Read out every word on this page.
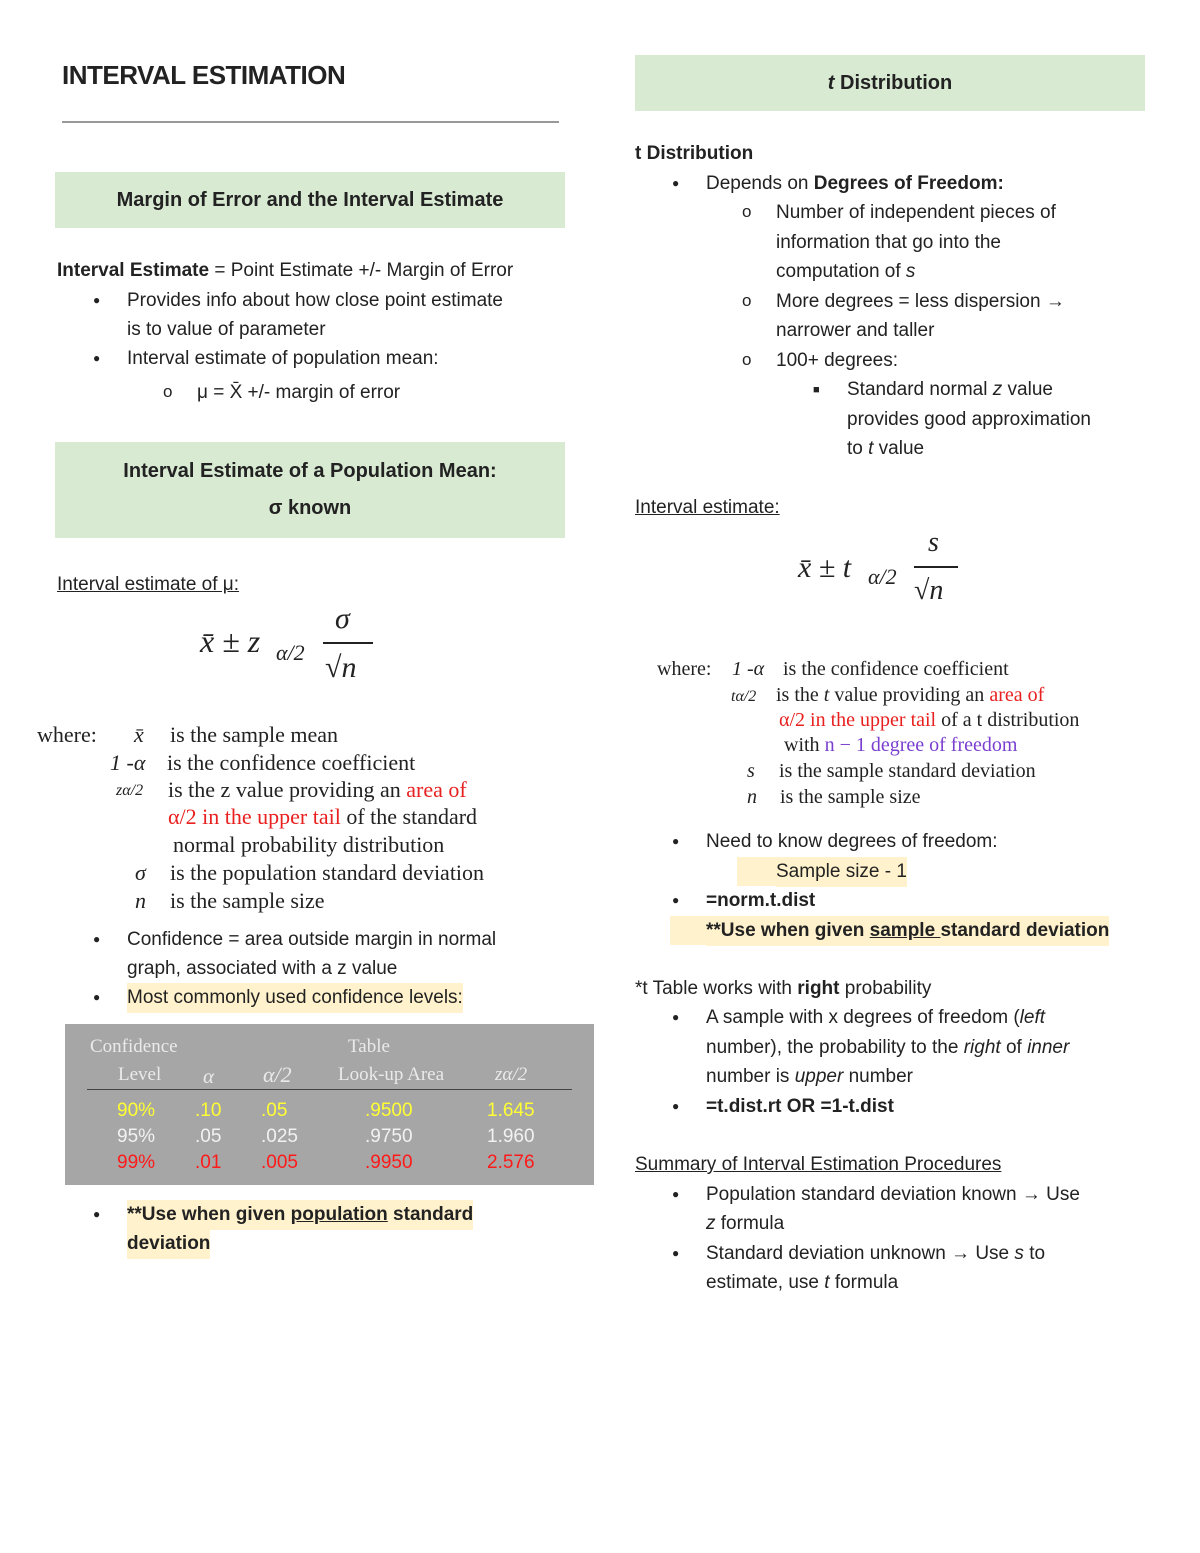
INTERVAL ESTIMATION
Margin of Error and the Interval Estimate
Interval Estimate = Point Estimate +/- Margin of Error
● Provides info about how close point estimate
is to value of parameter
● Interval estimate of population mean:
o μ = X̄ +/- margin of error
Interval Estimate of a Population Mean:
σ known
Interval estimate of μ:
x̄ ± z α/2
σ
√n
where: x̄ is the sample mean
1 -α is the confidence coefficient
zα/2 is the z value providing an area of
α/2 in the upper tail of the standard
normal probability distribution
σ is the population standard deviation
n is the sample size
● Confidence = area outside margin in normal
graph, associated with a z value
● Most commonly used confidence levels:
Confidence
Level α α/2
Table
Look-up Area	zα/2
90% .10 .05	.9500	1.645
95% .05 .025	.9750	1.960
99% .01 .005	.9950	2.576
● **Use when given population standard
deviation
t Distribution
t Distribution
● Depends on Degrees of Freedom:
o Number of independent pieces of
information that go into the
computation of s
o More degrees = less dispersion →
narrower and taller
o 100+ degrees:
■ Standard normal z value
provides good approximation
to t value
Interval estimate:
x̄ ± t α/2
s
√n
where: 1 -α is the confidence coefficient
tα/2 is the t value providing an area of
α/2 in the upper tail of a t distribution
with n − 1 degree of freedom
s is the sample standard deviation
n is the sample size
● Need to know degrees of freedom:
o Sample size - 1
● =norm.t.dist
● **Use when given sample standard deviation
*t Table works with right probability
● A sample with x degrees of freedom (left
number), the probability to the right of inner
number is upper number
● =t.dist.rt OR =1-t.dist
Summary of Interval Estimation Procedures
● Population standard deviation known → Use
z formula
● Standard deviation unknown → Use s to
estimate, use t formula
